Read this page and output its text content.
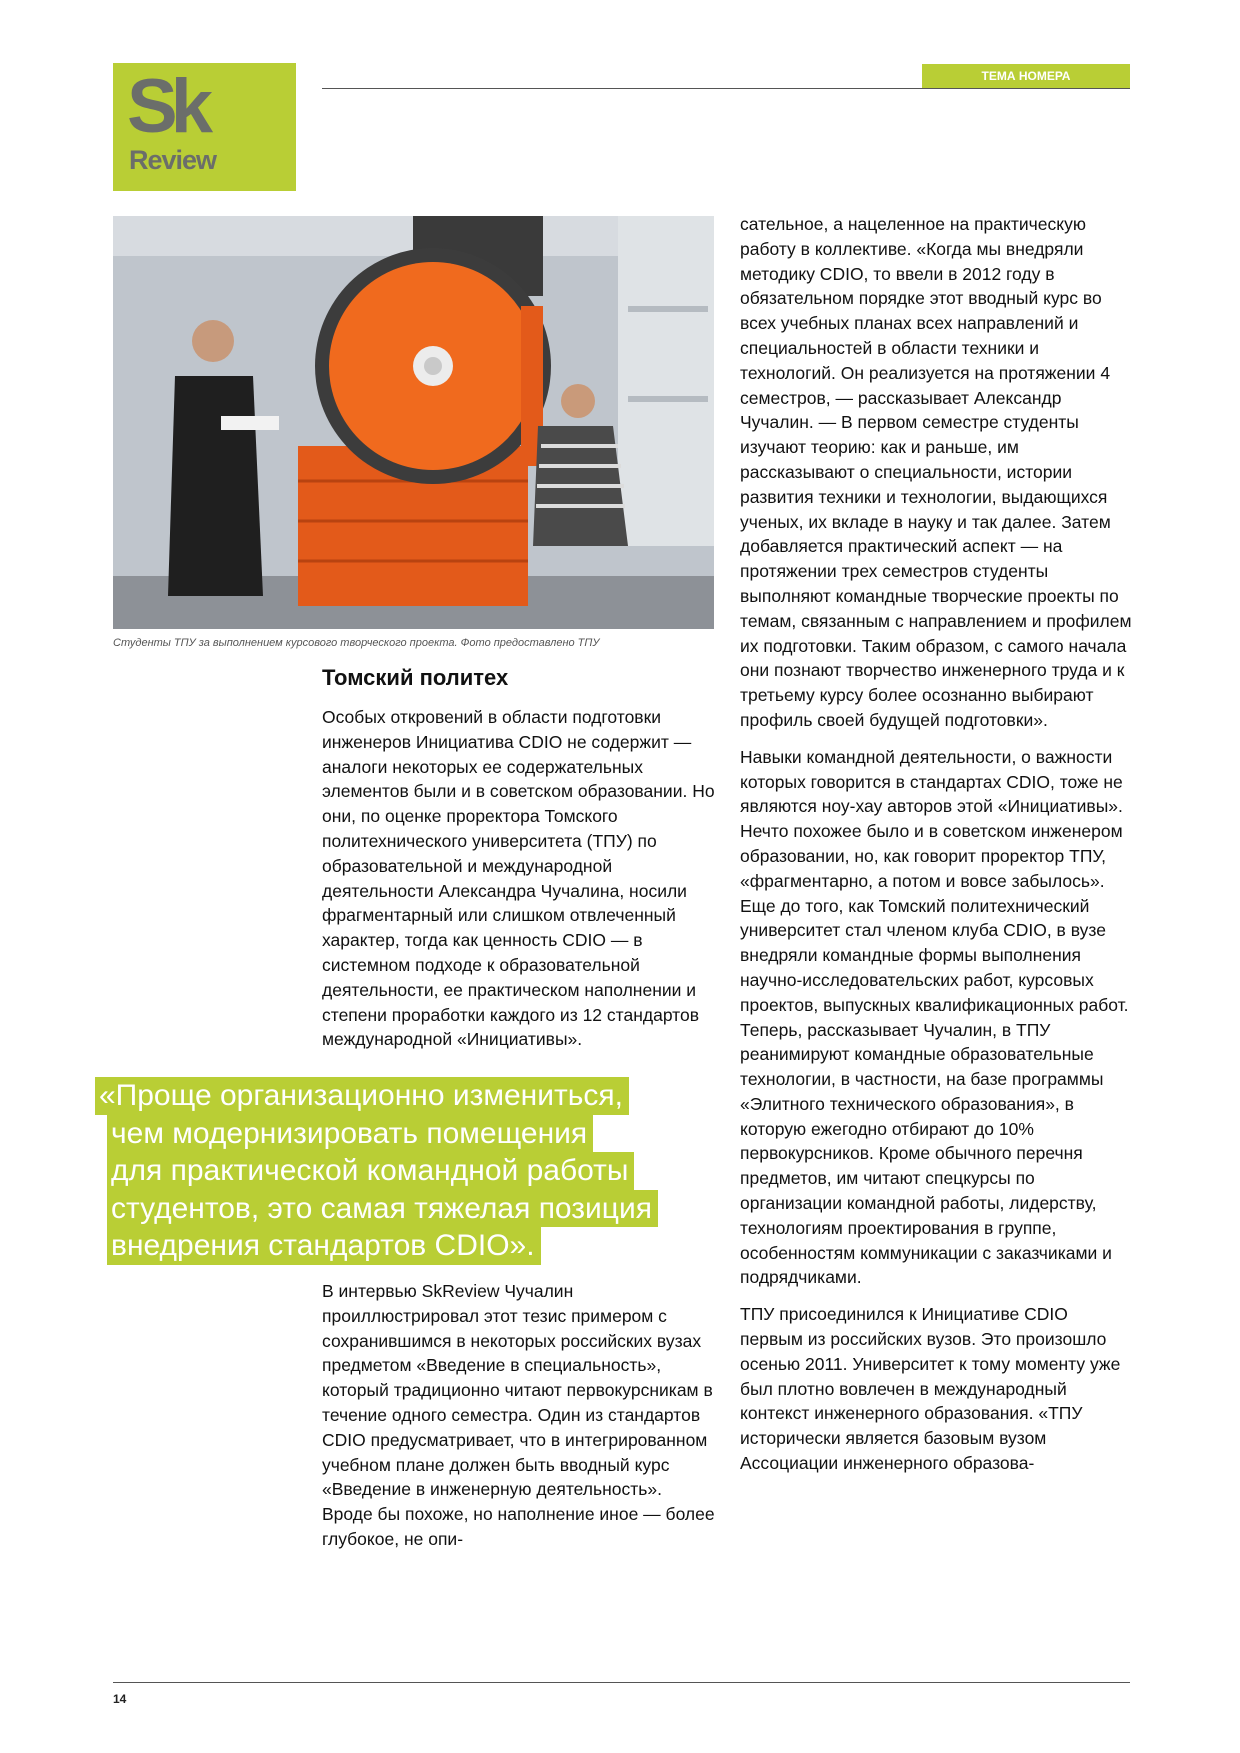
Sk
Review
ТЕМА НОМЕРА
Студенты ТПУ за выполнением курсового творческого проекта. Фото предоставлено ТПУ
Томский политех

Особых откровений в области подготовки инженеров Инициатива CDIO не содержит — аналоги некоторых ее содержательных элементов были и в советском образовании. Но они, по оценке проректора Томского политехнического университета (ТПУ) по образовательной и международной деятельности Александра Чучалина, носили фрагментарный или слишком отвлеченный характер, тогда как ценность CDIO — в системном подходе к образовательной деятельности, ее практическом наполнении и степени проработки каждого из 12 стандартов международной «Инициативы».

«Проще организационно измениться,
чем модернизировать помещения
для практической командной работы
студентов, это самая тяжелая позиция
внедрения стандартов CDIO».

В интервью SkReview Чучалин проиллюстрировал этот тезис примером с сохранившимся в некоторых российских вузах предметом «Введение в специальность», который традиционно читают первокурсникам в течение одного семестра. Один из стандартов CDIO предусматривает, что в интегрированном учебном плане должен быть вводный курс «Введение в инженерную деятельность». Вроде бы похоже, но наполнение иное — более глубокое, не опи-

сательное, а нацеленное на практическую работу в коллективе. «Когда мы внедряли методику CDIO, то ввели в 2012 году в обязательном порядке этот вводный курс во всех учебных планах всех направлений и специальностей в области техники и технологий. Он реализуется на протяжении 4 семестров, — рассказывает Александр Чучалин. — В первом семестре студенты изучают теорию: как и раньше, им рассказывают о специальности, истории развития техники и технологии, выдающихся ученых, их вкладе в науку и так далее. Затем добавляется практический аспект — на протяжении трех семестров студенты выполняют командные творческие проекты по темам, связанным с направлением и профилем их подготовки. Таким образом, с самого начала они познают творчество инженерного труда и к третьему курсу более осознанно выбирают профиль своей будущей подготовки».

Навыки командной деятельности, о важности которых говорится в стандартах CDIO, тоже не являются ноу-хау авторов этой «Инициативы». Нечто похожее было и в советском инженером образовании, но, как говорит проректор ТПУ, «фрагментарно, а потом и вовсе забылось». Еще до того, как Томский политехнический университет стал членом клуба CDIO, в вузе внедряли командные формы выполнения научно-исследовательских работ, курсовых проектов, выпускных квалификационных работ. Теперь, рассказывает Чучалин, в ТПУ реанимируют командные образовательные технологии, в частности, на базе программы «Элитного технического образования», в которую ежегодно отбирают до 10% первокурсников. Кроме обычного перечня предметов, им читают спецкурсы по организации командной работы, лидерству, технологиям проектирования в группе, особенностям коммуникации с заказчиками и подрядчиками.

ТПУ присоединился к Инициативе CDIO первым из российских вузов. Это произошло осенью 2011. Университет к тому моменту уже был плотно вовлечен в международный контекст инженерного образования. «ТПУ исторически является базовым вузом Ассоциации инженерного образова-

14
